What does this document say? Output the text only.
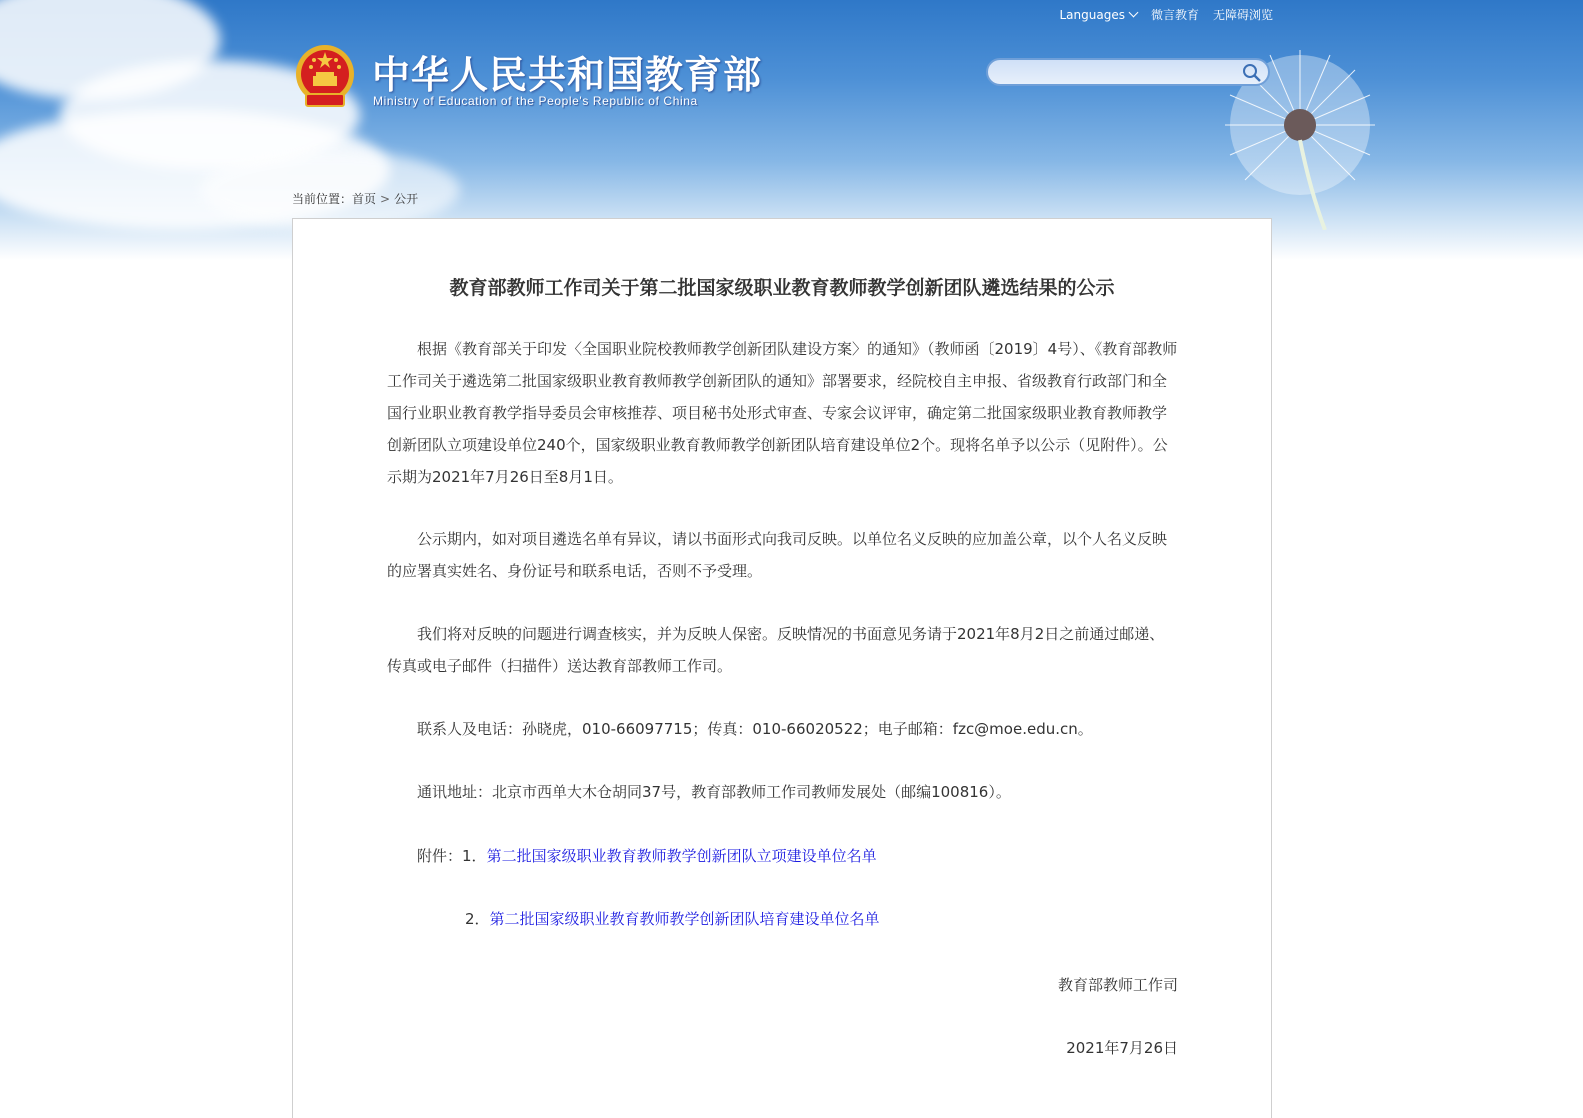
Languages	微言教育 无障碍浏览
中华人民共和国教育部
Ministry of Education of the People's Republic of China
当前位置：首页 > 公开
教育部教师工作司关于第二批国家级职业教育教师教学创新团队遴选结果的公示
根据《教育部关于印发〈全国职业院校教师教学创新团队建设方案〉的通知》（教师函〔2019〕4号）、《教育部教师工作司关于遴选第二批国家级职业教育教师教学创新团队的通知》部署要求，经院校自主申报、省级教育行政部门和全国行业职业教育教学指导委员会审核推荐、项目秘书处形式审查、专家会议评审，确定第二批国家级职业教育教师教学创新团队立项建设单位240个，国家级职业教育教师教学创新团队培育建设单位2个。现将名单予以公示（见附件）。公示期为2021年7月26日至8月1日。
公示期内，如对项目遴选名单有异议，请以书面形式向我司反映。以单位名义反映的应加盖公章，以个人名义反映的应署真实姓名、身份证号和联系电话，否则不予受理。
我们将对反映的问题进行调查核实，并为反映人保密。反映情况的书面意见务请于2021年8月2日之前通过邮递、传真或电子邮件（扫描件）送达教育部教师工作司。
联系人及电话：孙晓虎，010-66097715；传真：010-66020522；电子邮箱：fzc@moe.edu.cn。
通讯地址：北京市西单大木仓胡同37号，教育部教师工作司教师发展处（邮编100816）。
附件：1．第二批国家级职业教育教师教学创新团队立项建设单位名单
2．第二批国家级职业教育教师教学创新团队培育建设单位名单
教育部教师工作司
2021年7月26日
